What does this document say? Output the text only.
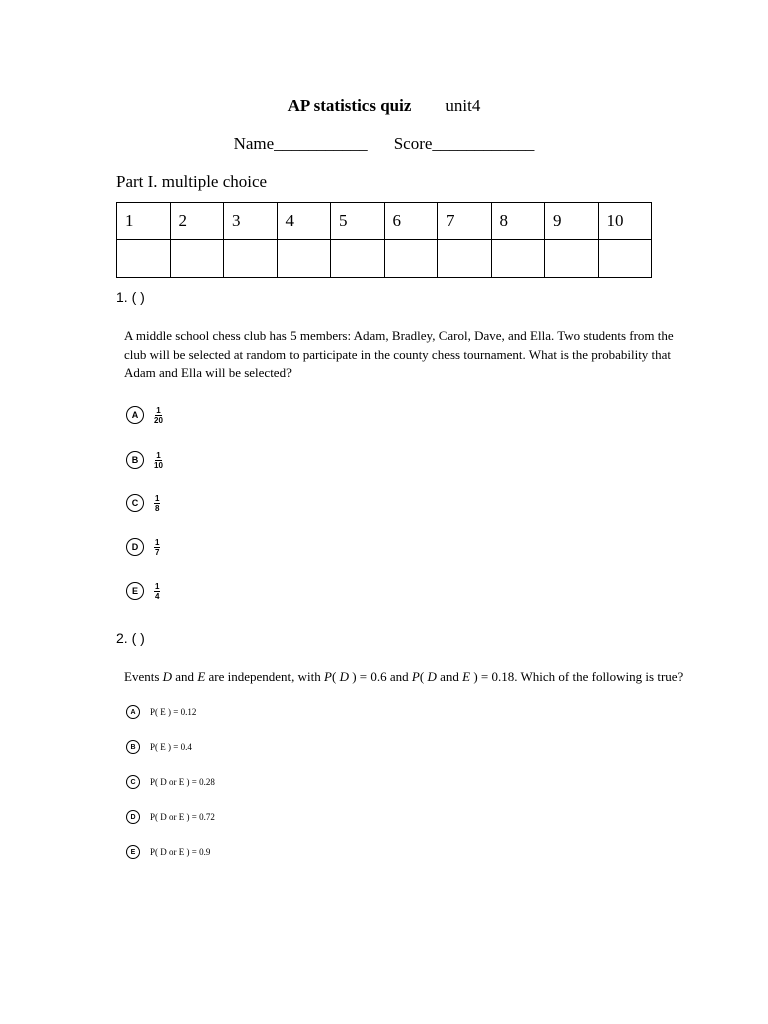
AP statistics quiz unit4
Name___________ Score____________
Part I. multiple choice
1	2	3	4	5	6	7	8	9	10

1. ( )
A middle school chess club has 5 members: Adam, Bradley, Carol, Dave, and Ella. Two students from the club will be selected at random to participate in the county chess tournament. What is the probability that Adam and Ella will be selected?
A	$\frac{1}{20}$
B	$\frac{1}{10}$
C	$\frac{1}{8}$
D	$\frac{1}{7}$
E	$\frac{1}{4}$
2. ( )
Events D and E are independent, with P( D ) = 0.6 and P( D and E ) = 0.18. Which of the following is true?
A	P( E ) = 0.12
B	P( E ) = 0.4
C	P( D or E ) = 0.28
D	P( D or E ) = 0.72
E	P( D or E ) = 0.9
